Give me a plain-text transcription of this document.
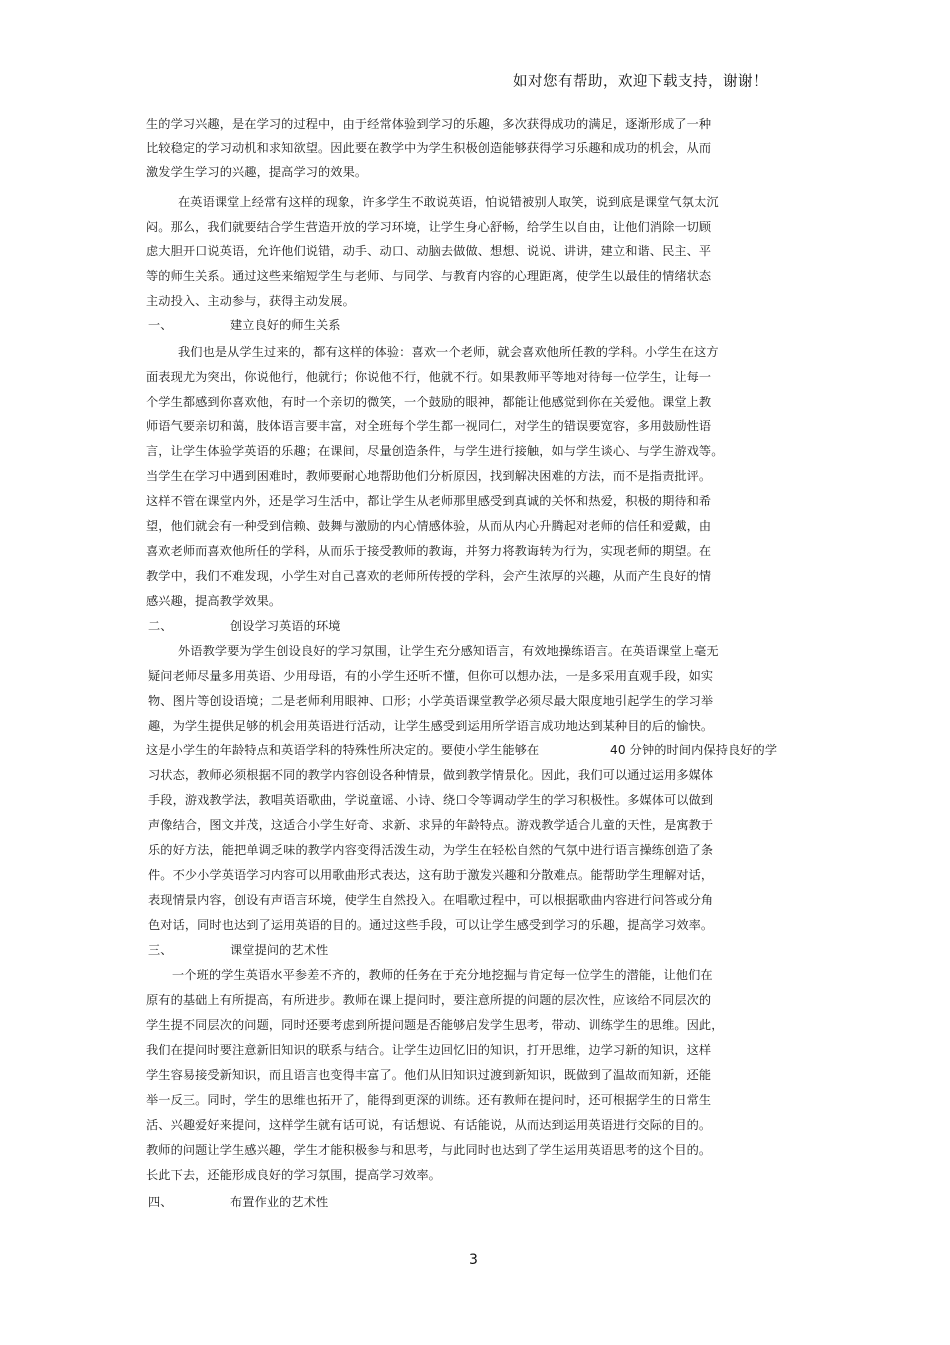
如对您有帮助，欢迎下载支持，谢谢！
生的学习兴趣，是在学习的过程中，由于经常体验到学习的乐趣，多次获得成功的满足，逐渐形成了一种
比较稳定的学习动机和求知欲望。因此要在教学中为学生积极创造能够获得学习乐趣和成功的机会，从而
激发学生学习的兴趣，提高学习的效果。
在英语课堂上经常有这样的现象，许多学生不敢说英语，怕说错被别人取笑，说到底是课堂气氛太沉
闷。那么，我们就要结合学生营造开放的学习环境，让学生身心舒畅，给学生以自由，让他们消除一切顾
虑大胆开口说英语，允许他们说错，动手、动口、动脑去做做、想想、说说、讲讲，建立和谐、民主、平
等的师生关系。通过这些来缩短学生与老师、与同学、与教育内容的心理距离，使学生以最佳的情绪状态
主动投入、主动参与，获得主动发展。
一、	建立良好的师生关系
我们也是从学生过来的，都有这样的体验：喜欢一个老师，就会喜欢他所任教的学科。小学生在这方
面表现尤为突出，你说他行，他就行；你说他不行，他就不行。如果教师平等地对待每一位学生，让每一
个学生都感到你喜欢他，有时一个亲切的微笑，一个鼓励的眼神，都能让他感觉到你在关爱他。课堂上教
师语气要亲切和蔼，肢体语言要丰富，对全班每个学生都一视同仁，对学生的错误要宽容，多用鼓励性语
言，让学生体验学英语的乐趣；在课间，尽量创造条件，与学生进行接触，如与学生谈心、与学生游戏等。
当学生在学习中遇到困难时，教师要耐心地帮助他们分析原因，找到解决困难的方法，而不是指责批评。
这样不管在课堂内外，还是学习生活中，都让学生从老师那里感受到真诚的关怀和热爱，积极的期待和希
望，他们就会有一种受到信赖、鼓舞与激励的内心情感体验，从而从内心升腾起对老师的信任和爱戴，由
喜欢老师而喜欢他所任的学科，从而乐于接受教师的教诲，并努力将教诲转为行为，实现老师的期望。在
教学中，我们不难发现，小学生对自己喜欢的老师所传授的学科，会产生浓厚的兴趣，从而产生良好的情
感兴趣，提高教学效果。
二、	创设学习英语的环境
外语教学要为学生创设良好的学习氛围，让学生充分感知语言，有效地操练语言。在英语课堂上毫无
疑问老师尽量多用英语、少用母语，有的小学生还听不懂，但你可以想办法，一是多采用直观手段，如实
物、图片等创设语境；二是老师利用眼神、口形；小学英语课堂教学必须尽最大限度地引起学生的学习举
趣，为学生提供足够的机会用英语进行活动，让学生感受到运用所学语言成功地达到某种目的后的愉快。
这是小学生的年龄特点和英语学科的特殊性所决定的。要使小学生能够在	40 分钟的时间内保持良好的学
习状态，教师必须根据不同的教学内容创设各种情景，做到教学情景化。因此，我们可以通过运用多媒体
手段，游戏教学法，教唱英语歌曲，学说童谣、小诗、绕口令等调动学生的学习积极性。多媒体可以做到
声像结合，图文并茂，这适合小学生好奇、求新、求异的年龄特点。游戏教学适合儿童的天性，是寓教于
乐的好方法，能把单调乏味的教学内容变得活泼生动，为学生在轻松自然的气氛中进行语言操练创造了条
件。不少小学英语学习内容可以用歌曲形式表达，这有助于激发兴趣和分散难点。能帮助学生理解对话，
表现情景内容，创设有声语言环境，使学生自然投入。在唱歌过程中，可以根据歌曲内容进行问答或分角
色对话，同时也达到了运用英语的目的。通过这些手段，可以让学生感受到学习的乐趣，提高学习效率。
三、	课堂提问的艺术性
一个班的学生英语水平参差不齐的，教师的任务在于充分地挖掘与肯定每一位学生的潜能，让他们在
原有的基础上有所提高，有所进步。教师在课上提问时，要注意所提的问题的层次性，应该给不同层次的
学生提不同层次的问题，同时还要考虑到所提问题是否能够启发学生思考，带动、训练学生的思维。因此，
我们在提问时要注意新旧知识的联系与结合。让学生边回忆旧的知识，打开思维，边学习新的知识，这样
学生容易接受新知识，而且语言也变得丰富了。他们从旧知识过渡到新知识，既做到了温故而知新，还能
举一反三。同时，学生的思维也拓开了，能得到更深的训练。还有教师在提问时，还可根据学生的日常生
活、兴趣爱好来提问，这样学生就有话可说，有话想说、有话能说，从而达到运用英语进行交际的目的。
教师的问题让学生感兴趣，学生才能积极参与和思考，与此同时也达到了学生运用英语思考的这个目的。
长此下去，还能形成良好的学习氛围，提高学习效率。
四、	布置作业的艺术性
3
